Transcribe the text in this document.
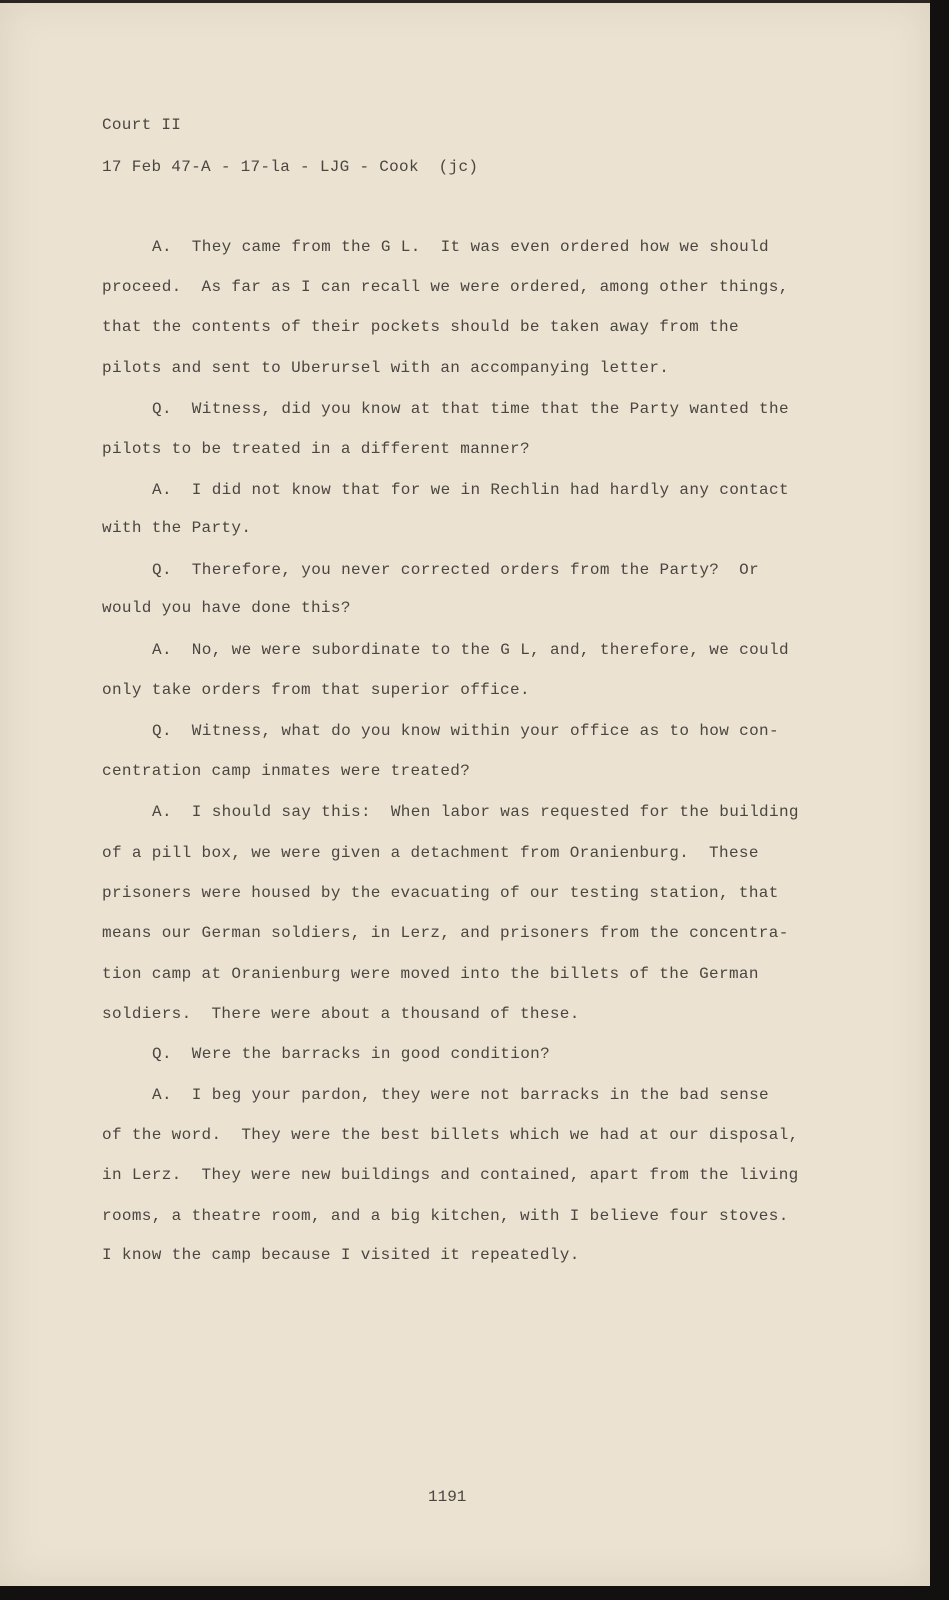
Court II
17 Feb 47-A - 17-la - LJG - Cook  (jc)
A.  They came from the G L.  It was even ordered how we should
proceed.  As far as I can recall we were ordered, among other things,
that the contents of their pockets should be taken away from the
pilots and sent to Uberursel with an accompanying letter.
Q.  Witness, did you know at that time that the Party wanted the
pilots to be treated in a different manner?
A.  I did not know that for we in Rechlin had hardly any contact
with the Party.
Q.  Therefore, you never corrected orders from the Party?  Or
would you have done this?
A.  No, we were subordinate to the G L, and, therefore, we could
only take orders from that superior office.
Q.  Witness, what do you know within your office as to how con-
centration camp inmates were treated?
A.  I should say this:  When labor was requested for the building
of a pill box, we were given a detachment from Oranienburg.  These
prisoners were housed by the evacuating of our testing station, that
means our German soldiers, in Lerz, and prisoners from the concentra-
tion camp at Oranienburg were moved into the billets of the German
soldiers.  There were about a thousand of these.
Q.  Were the barracks in good condition?
A.  I beg your pardon, they were not barracks in the bad sense
of the word.  They were the best billets which we had at our disposal,
in Lerz.  They were new buildings and contained, apart from the living
rooms, a theatre room, and a big kitchen, with I believe four stoves.
I know the camp because I visited it repeatedly.
1191
